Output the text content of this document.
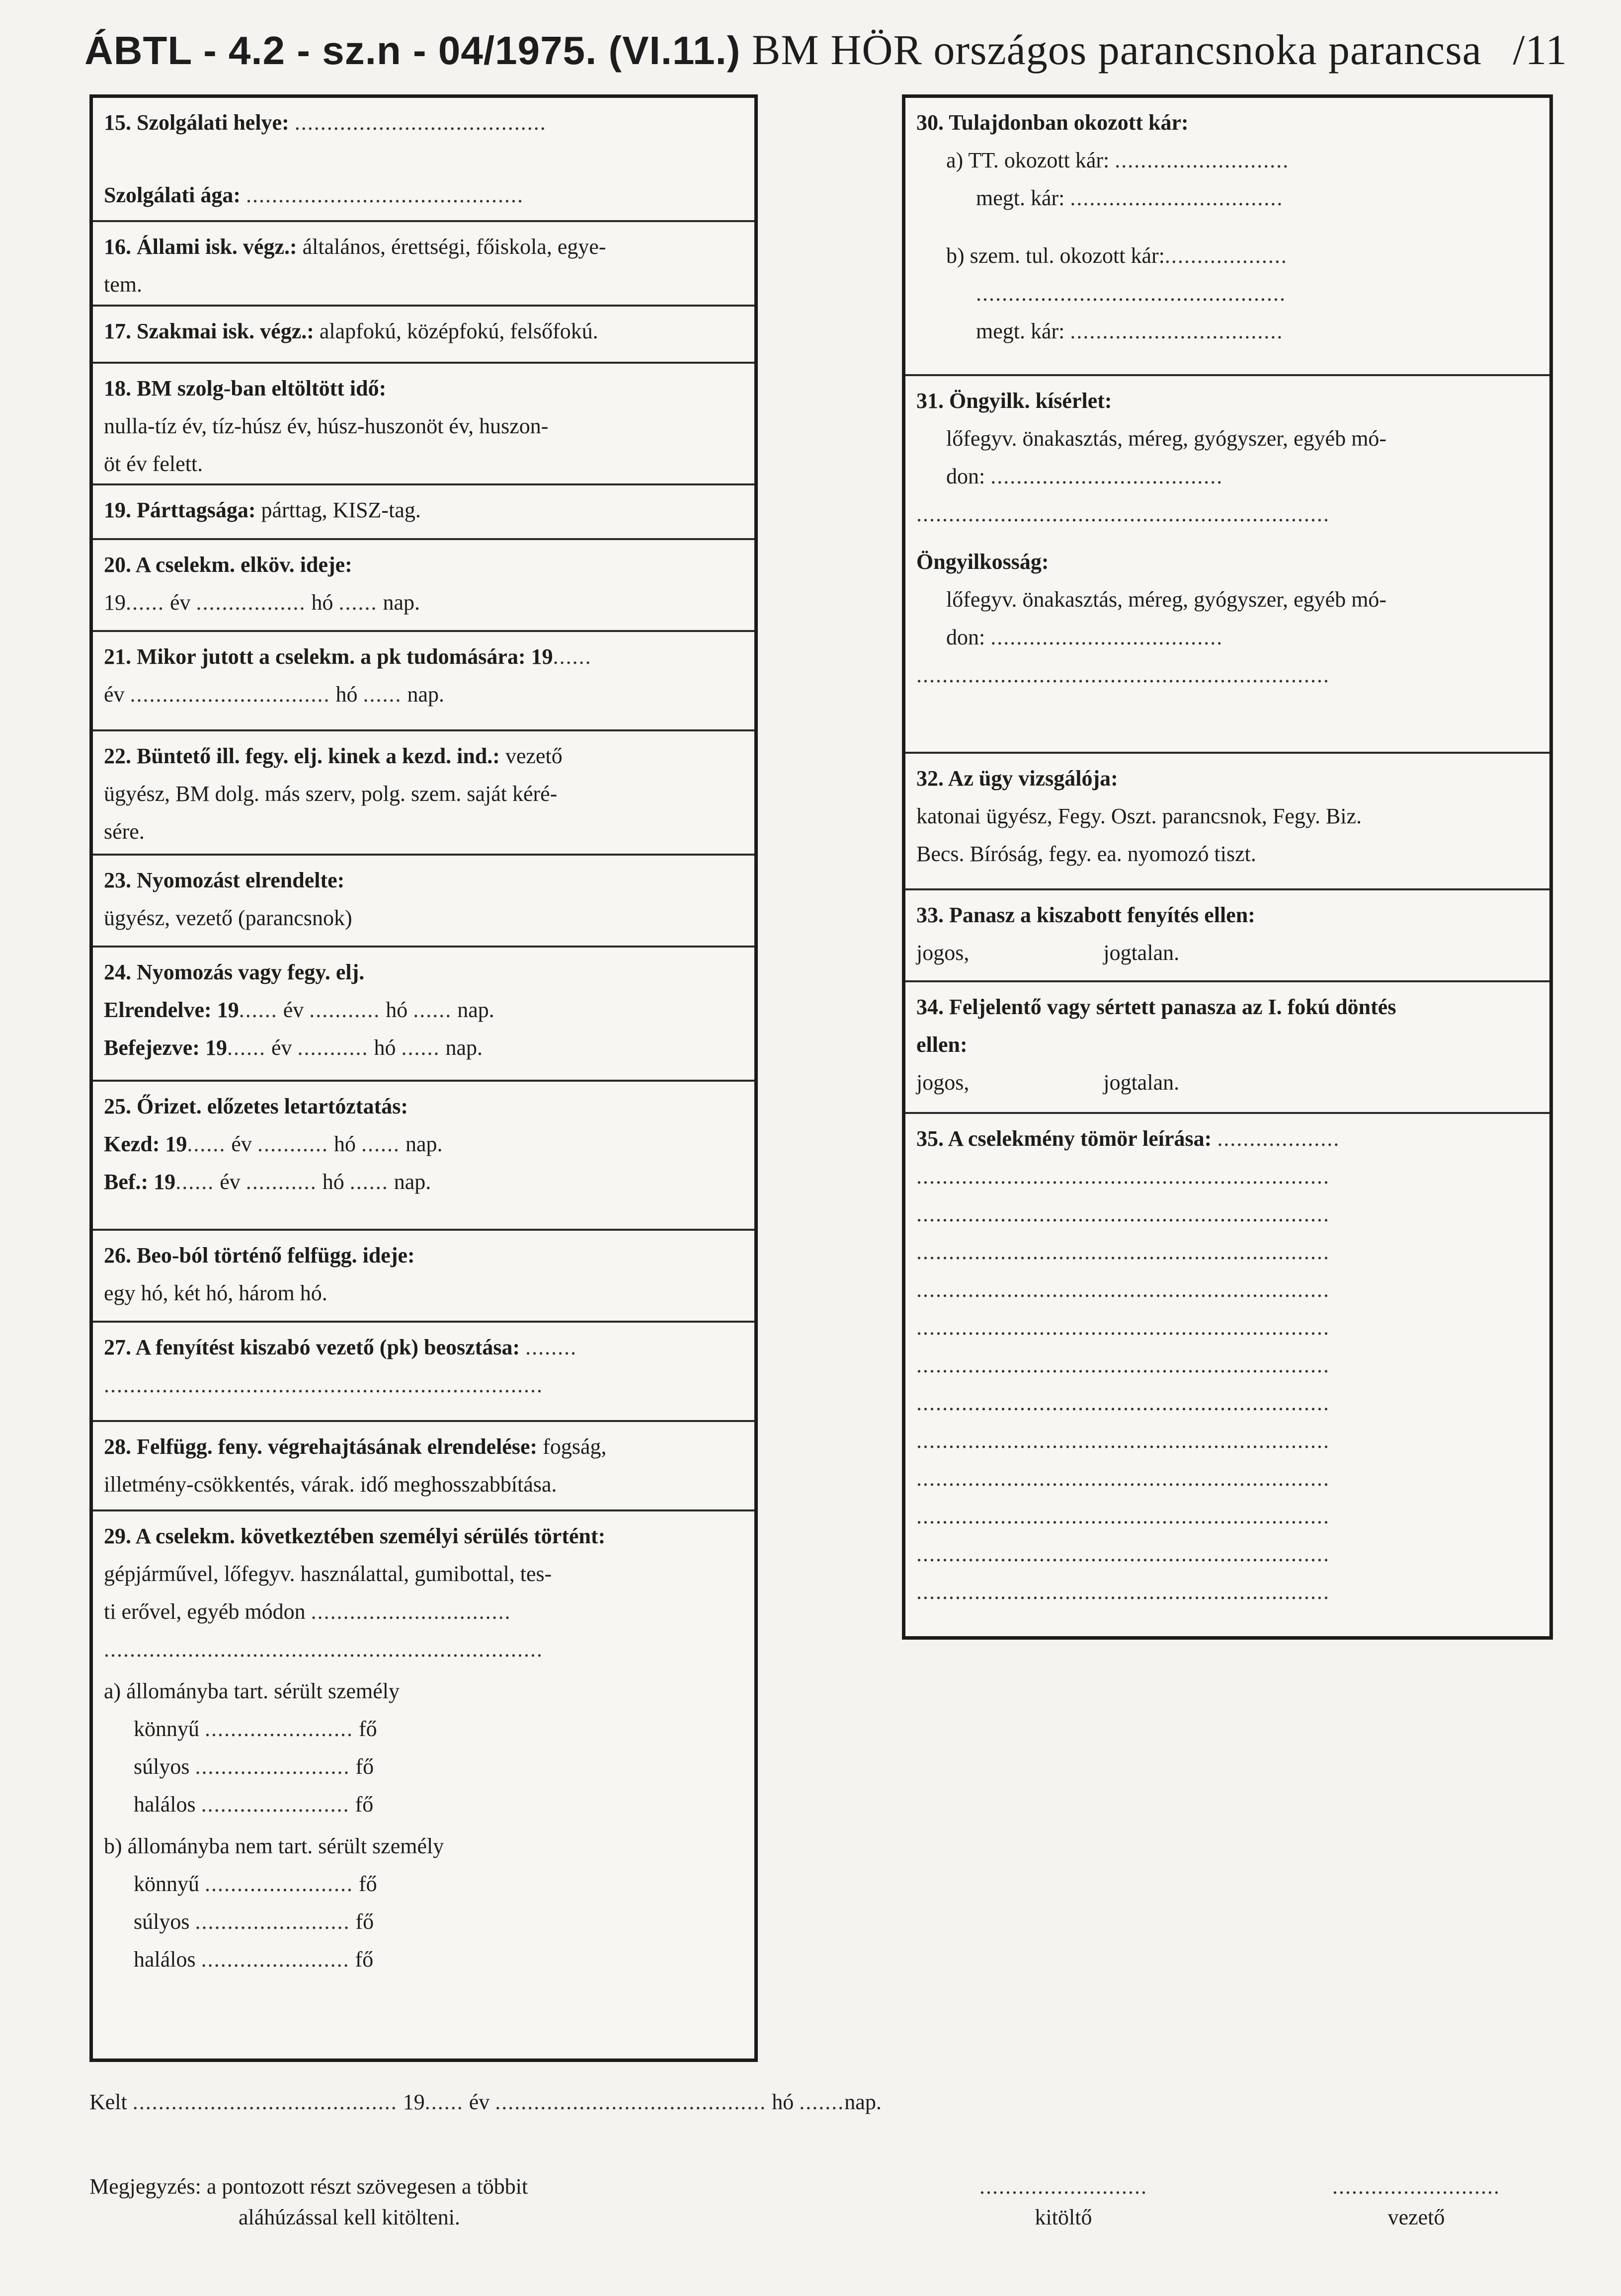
ÁBTL - 4.2 - sz.n - 04/1975. (VI.11.) BM HÖR országos parancsnoka parancsa /11
15. Szolgálati helye: .......................................
Szolgálati ága: ...........................................
16. Állami isk. végz.: általános, érettségi, főiskola, egye-
tem.
17. Szakmai isk. végz.: alapfokú, középfokú, felsőfokú.
18. BM szolg-ban eltöltött idő:
nulla-tíz év, tíz-húsz év, húsz-huszonöt év, huszon-
öt év felett.
19. Párttagsága: párttag, KISZ-tag.
20. A cselekm. elköv. ideje:
19...... év ................. hó ...... nap.
21. Mikor jutott a cselekm. a pk tudomására: 19......
év ............................... hó ...... nap.
22. Büntető ill. fegy. elj. kinek a kezd. ind.: vezető
ügyész, BM dolg. más szerv, polg. szem. saját kéré-
sére.
23. Nyomozást elrendelte:
ügyész, vezető (parancsnok)
24. Nyomozás vagy fegy. elj.
Elrendelve: 19...... év ........... hó ...... nap.
Befejezve: 19...... év ........... hó ...... nap.
25. Őrizet. előzetes letartóztatás:
Kezd: 19...... év ........... hó ...... nap.
Bef.: 19...... év ........... hó ...... nap.
26. Beo-ból történő felfügg. ideje:
egy hó, két hó, három hó.
27. A fenyítést kiszabó vezető (pk) beosztása: ........
....................................................................
28. Felfügg. feny. végrehajtásának elrendelése: fogság,
illetmény-csökkentés, várak. idő meghosszabbítása.
29. A cselekm. következtében személyi sérülés történt:
gépjárművel, lőfegyv. használattal, gumibottal, tes-
ti erővel, egyéb módon ...............................
....................................................................
a) állományba tart. sérült személy
könnyű ....................... fő
súlyos ........................ fő
halálos ....................... fő
b) állományba nem tart. sérült személy
könnyű ....................... fő
súlyos ........................ fő
halálos ....................... fő
30. Tulajdonban okozott kár:
a) TT. okozott kár: ...........................
megt. kár: .................................
b) szem. tul. okozott kár:...................
................................................
megt. kár: .................................
31. Öngyilk. kísérlet:
lőfegyv. önakasztás, méreg, gyógyszer, egyéb mó-
don: ....................................
................................................................
Öngyilkosság:
lőfegyv. önakasztás, méreg, gyógyszer, egyéb mó-
don: ....................................
................................................................
32. Az ügy vizsgálója:
katonai ügyész, Fegy. Oszt. parancsnok, Fegy. Biz.
Becs. Bíróság, fegy. ea. nyomozó tiszt.
33. Panasz a kiszabott fenyítés ellen:
jogos,	jogtalan.
34. Feljelentő vagy sértett panasza az I. fokú döntés
ellen:
jogos,	jogtalan.
35. A cselekmény tömör leírása: ...................
................................................................
................................................................
................................................................
................................................................
................................................................
................................................................
................................................................
................................................................
................................................................
................................................................
................................................................
................................................................
Kelt ......................................... 19...... év .......................................... hó .......nap.
Megjegyzés: a pontozott részt szövegesen a többit
aláhúzással kell kitölteni.
..........................
kitöltő
..........................
vezető
